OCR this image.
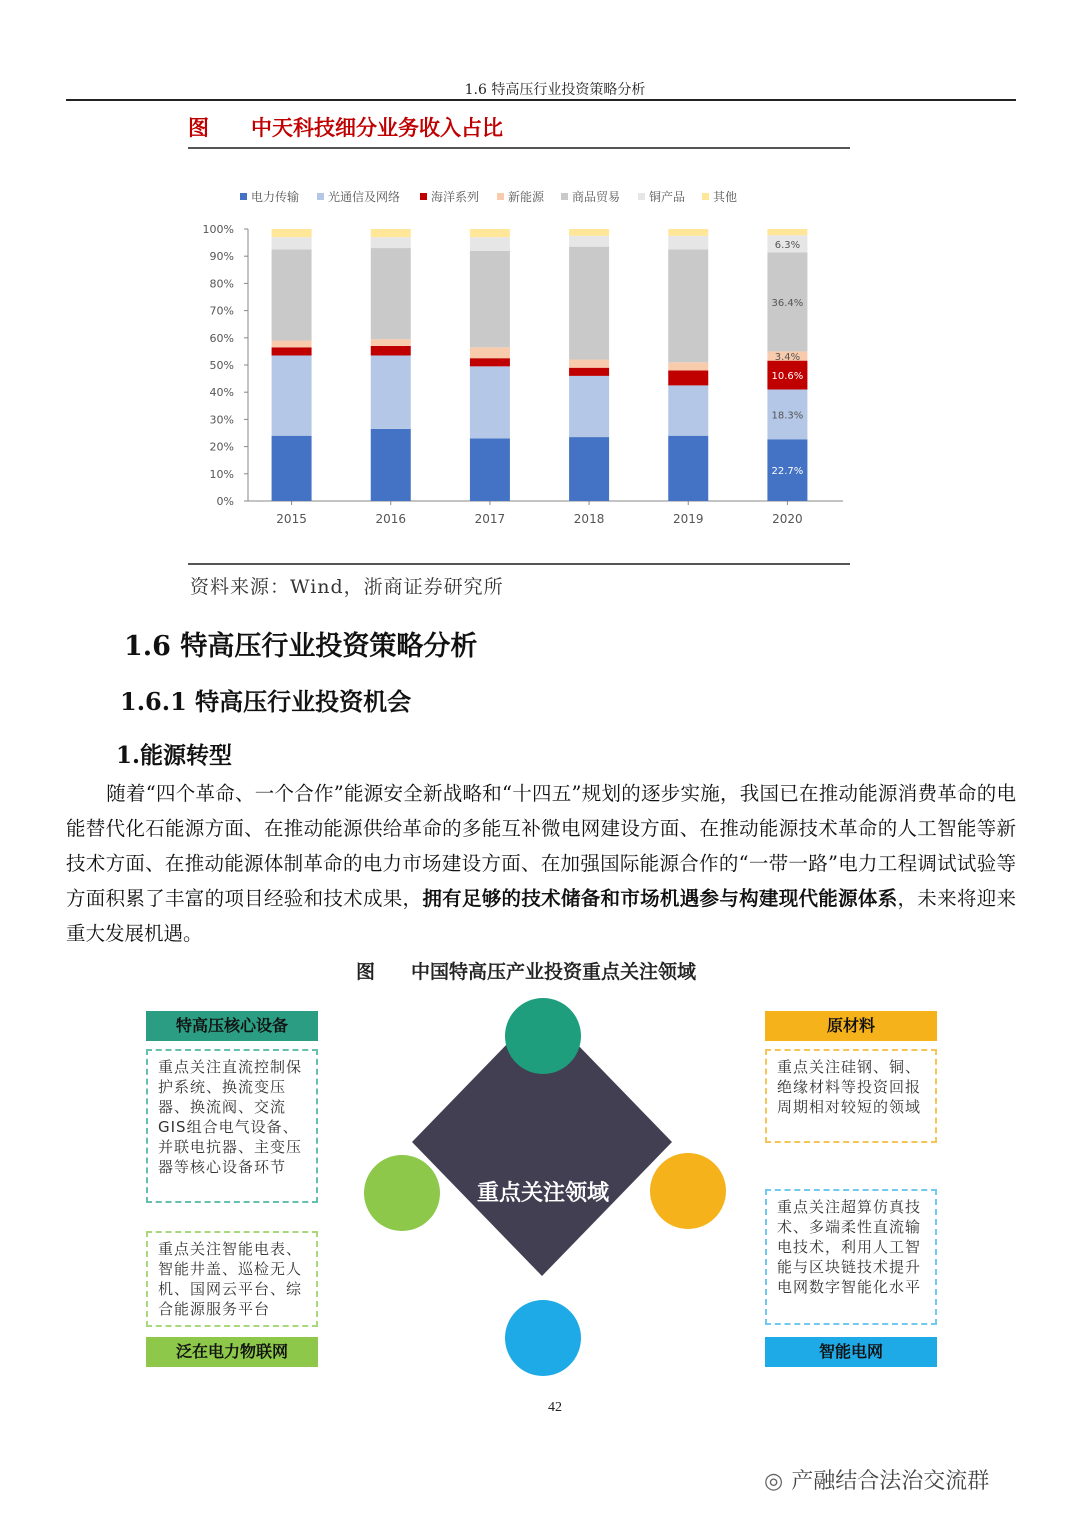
1.6 特高压行业投资策略分析
图 中天科技细分业务收入占比
电力传输 光通信及网络	海洋系列 新能源 商品贸易 铜产品 其他
0%
10%
20%
30%
40%
50%
60%
70%
80%
90%
100%
2015	2016	2017	2018	2019	2020
22.7%
18.3%
10.6%
3.4%
36.4%
6.3%
资料来源：Wind，浙商证券研究所
1.6 特高压行业投资策略分析
1.6.1 特高压行业投资机会
1.能源转型
随着“四个革命、一个合作”能源安全新战略和“十四五”规划的逐步实施，我国已在推动能源消费革命的电能替代化石能源方面、在推动能源供给革命的多能互补微电网建设方面、在推动能源技术革命的人工智能等新技术方面、在推动能源体制革命的电力市场建设方面、在加强国际能源合作的“一带一路”电力工程调试试验等方面积累了丰富的项目经验和技术成果，拥有足够的技术储备和市场机遇参与构建现代能源体系，未来将迎来重大发展机遇。
图 中国特高压产业投资重点关注领域
重点关注领域
特高压核心设备
重点关注直流控制保护系统、换流变压器、换流阀、交流GIS组合电气设备、并联电抗器、主变压器等核心设备环节
原材料
重点关注硅钢、铜、绝缘材料等投资回报周期相对较短的领域
重点关注智能电表、智能井盖、巡检无人机、国网云平台、综合能源服务平台
泛在电力物联网
重点关注超算仿真技术、多端柔性直流输电技术，利用人工智能与区块链技术提升电网数字智能化水平
智能电网
42
◎ 产融结合法治交流群
